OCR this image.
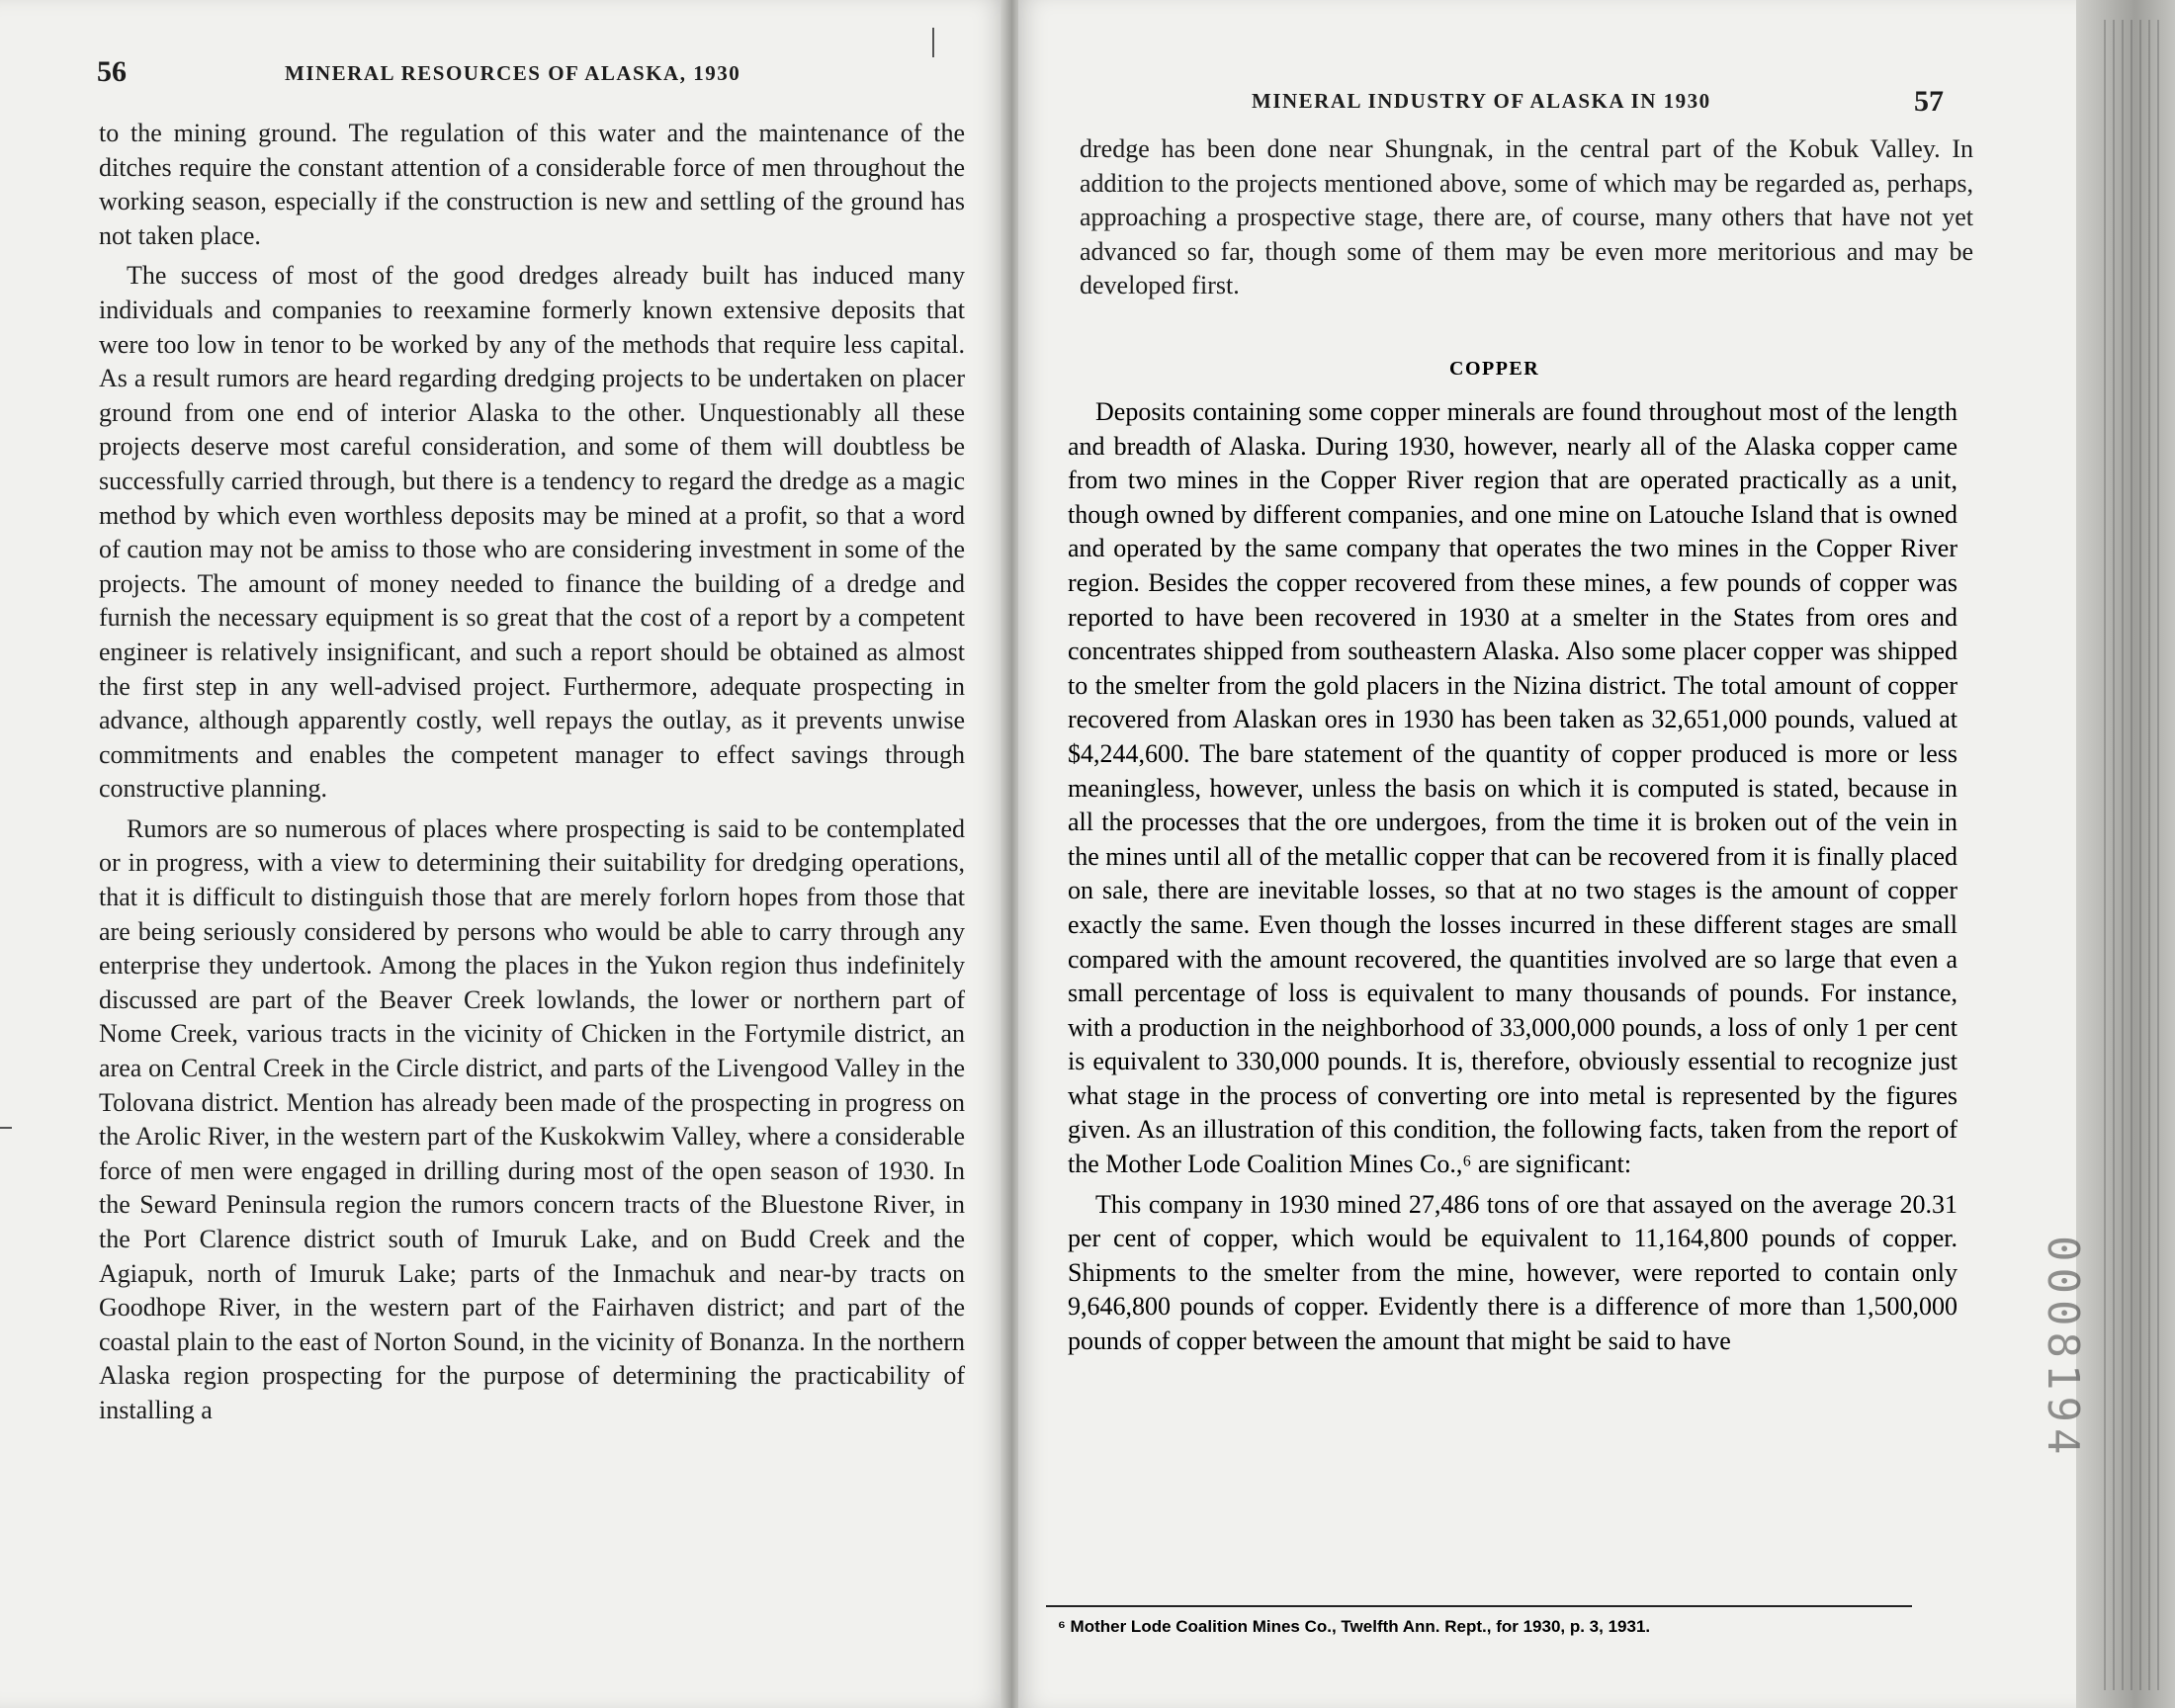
56	MINERAL RESOURCES OF ALASKA, 1930

to the mining ground. The regulation of this water and the maintenance of the ditches require the constant attention of a considerable force of men throughout the working season, especially if the construction is new and settling of the ground has not taken place.

The success of most of the good dredges already built has induced many individuals and companies to reexamine formerly known extensive deposits that were too low in tenor to be worked by any of the methods that require less capital. As a result rumors are heard regarding dredging projects to be undertaken on placer ground from one end of interior Alaska to the other. Unquestionably all these projects deserve most careful consideration, and some of them will doubtless be successfully carried through, but there is a tendency to regard the dredge as a magic method by which even worthless deposits may be mined at a profit, so that a word of caution may not be amiss to those who are considering investment in some of the projects. The amount of money needed to finance the building of a dredge and furnish the necessary equipment is so great that the cost of a report by a competent engineer is relatively insignificant, and such a report should be obtained as almost the first step in any well-advised project. Furthermore, adequate prospecting in advance, although apparently costly, well repays the outlay, as it prevents unwise commitments and enables the competent manager to effect savings through constructive planning.

Rumors are so numerous of places where prospecting is said to be contemplated or in progress, with a view to determining their suitability for dredging operations, that it is difficult to distinguish those that are merely forlorn hopes from those that are being seriously considered by persons who would be able to carry through any enterprise they undertook. Among the places in the Yukon region thus indefinitely discussed are part of the Beaver Creek lowlands, the lower or northern part of Nome Creek, various tracts in the vicinity of Chicken in the Fortymile district, an area on Central Creek in the Circle district, and parts of the Livengood Valley in the Tolovana district. Mention has already been made of the prospecting in progress on the Arolic River, in the western part of the Kuskokwim Valley, where a considerable force of men were engaged in drilling during most of the open season of 1930. In the Seward Peninsula region the rumors concern tracts of the Bluestone River, in the Port Clarence district south of Imuruk Lake, and on Budd Creek and the Agiapuk, north of Imuruk Lake; parts of the Inmachuk and near-by tracts on Goodhope River, in the western part of the Fairhaven district; and part of the coastal plain to the east of Norton Sound, in the vicinity of Bonanza. In the northern Alaska region prospecting for the purpose of determining the practicability of installing a

MINERAL INDUSTRY OF ALASKA IN 1930	57

dredge has been done near Shungnak, in the central part of the Kobuk Valley. In addition to the projects mentioned above, some of which may be regarded as, perhaps, approaching a prospective stage, there are, of course, many others that have not yet advanced so far, though some of them may be even more meritorious and may be developed first.

COPPER

Deposits containing some copper minerals are found throughout most of the length and breadth of Alaska. During 1930, however, nearly all of the Alaska copper came from two mines in the Copper River region that are operated practically as a unit, though owned by different companies, and one mine on Latouche Island that is owned and operated by the same company that operates the two mines in the Copper River region. Besides the copper recovered from these mines, a few pounds of copper was reported to have been recovered in 1930 at a smelter in the States from ores and concentrates shipped from southeastern Alaska. Also some placer copper was shipped to the smelter from the gold placers in the Nizina district. The total amount of copper recovered from Alaskan ores in 1930 has been taken as 32,651,000 pounds, valued at $4,244,600. The bare statement of the quantity of copper produced is more or less meaningless, however, unless the basis on which it is computed is stated, because in all the processes that the ore undergoes, from the time it is broken out of the vein in the mines until all of the metallic copper that can be recovered from it is finally placed on sale, there are inevitable losses, so that at no two stages is the amount of copper exactly the same. Even though the losses incurred in these different stages are small compared with the amount recovered, the quantities involved are so large that even a small percentage of loss is equivalent to many thousands of pounds. For instance, with a production in the neighborhood of 33,000,000 pounds, a loss of only 1 per cent is equivalent to 330,000 pounds. It is, therefore, obviously essential to recognize just what stage in the process of converting ore into metal is represented by the figures given. As an illustration of this condition, the following facts, taken from the report of the Mother Lode Coalition Mines Co.,⁶ are significant:

This company in 1930 mined 27,486 tons of ore that assayed on the average 20.31 per cent of copper, which would be equivalent to 11,164,800 pounds of copper. Shipments to the smelter from the mine, however, were reported to contain only 9,646,800 pounds of copper. Evidently there is a difference of more than 1,500,000 pounds of copper between the amount that might be said to have

⁶ Mother Lode Coalition Mines Co., Twelfth Ann. Rept., for 1930, p. 3, 1931.
0008194
